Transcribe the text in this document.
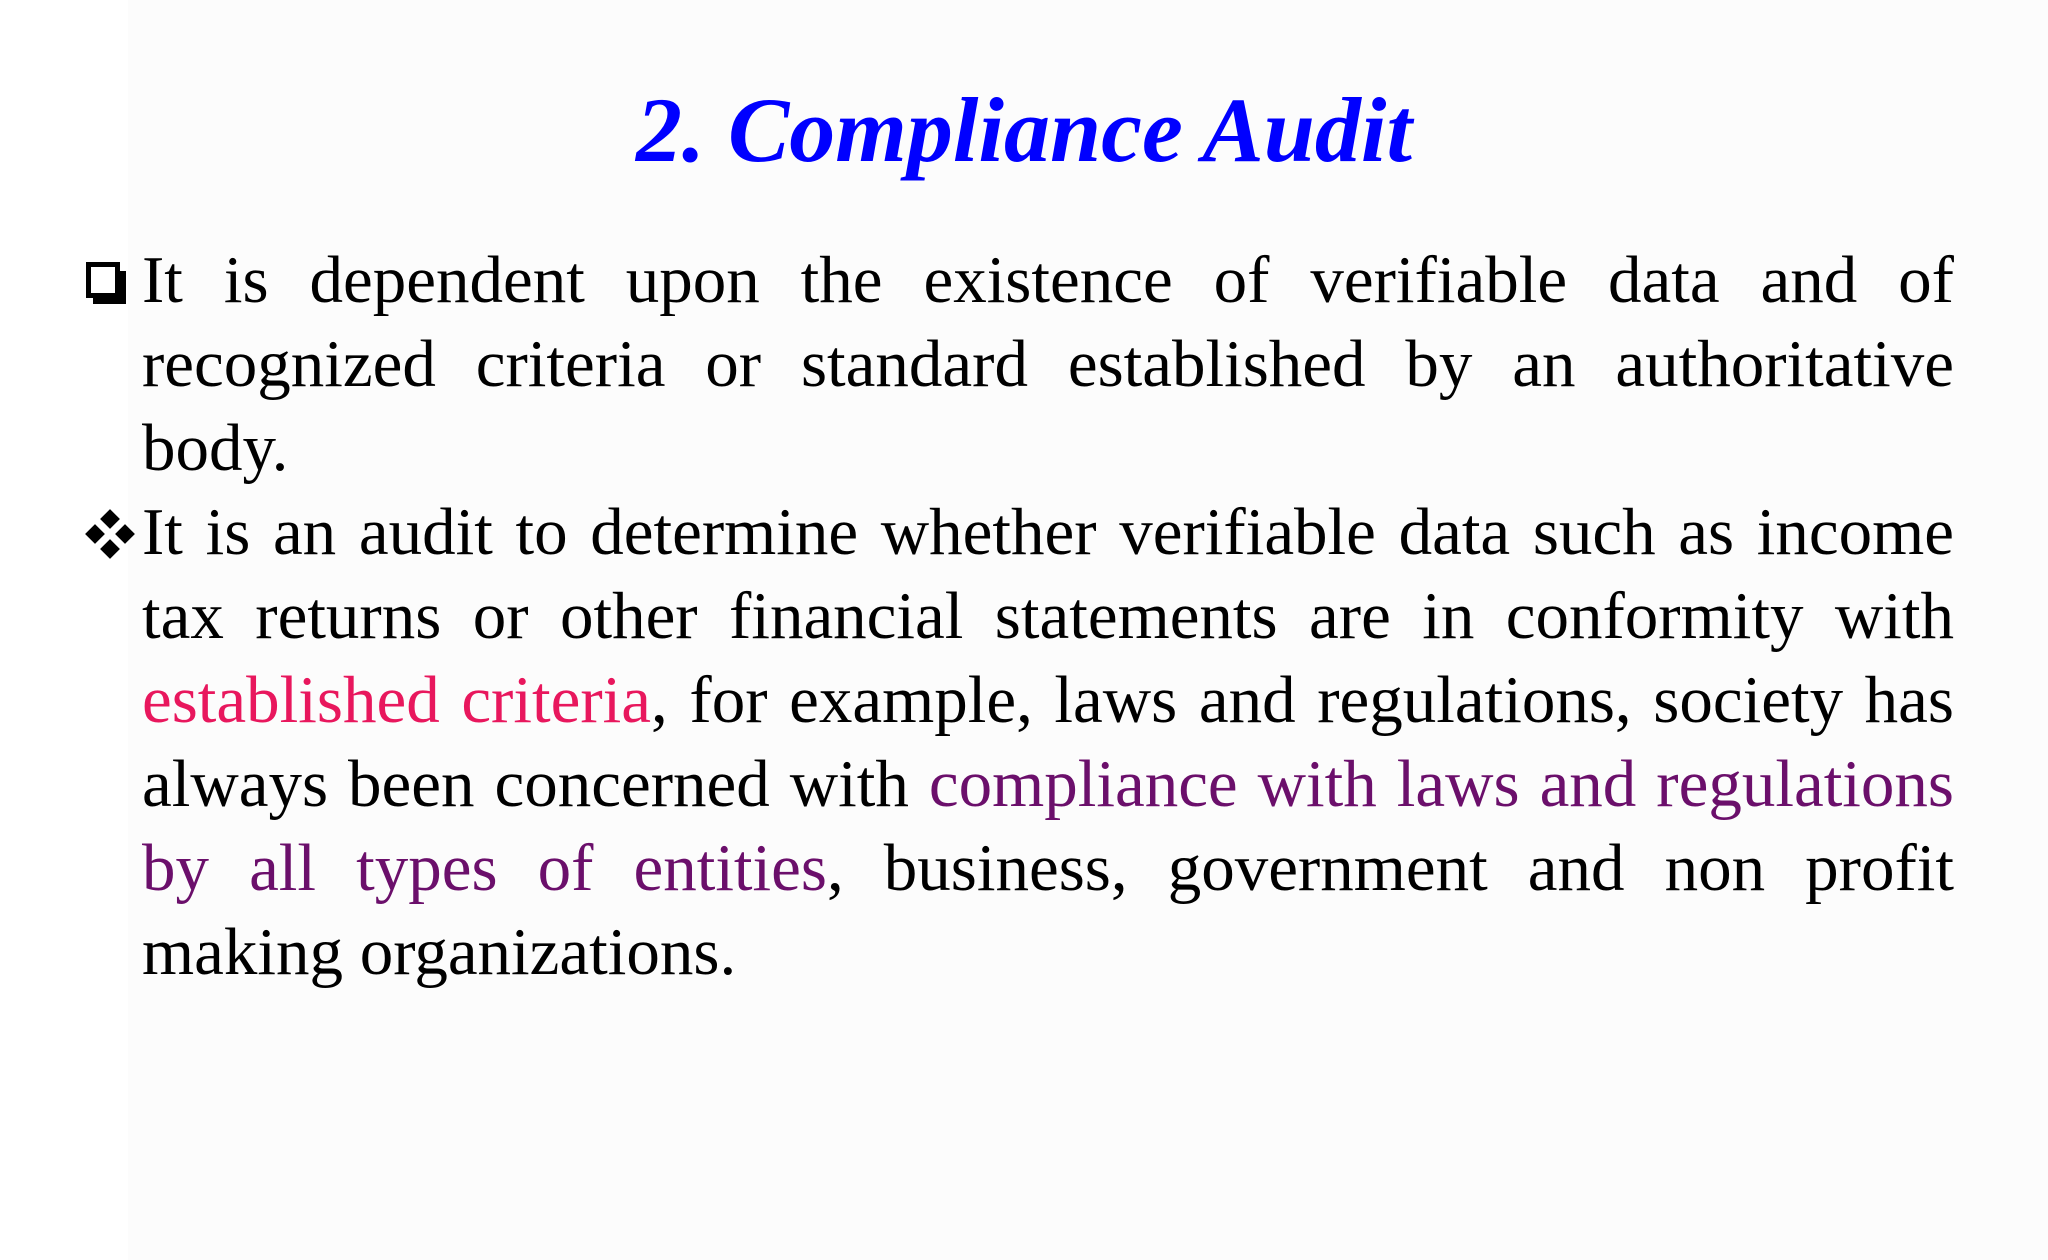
2. Compliance Audit

It is dependent upon the existence of verifiable data and of recognized criteria or standard established by an authoritative body.

It is an audit to determine whether verifiable data such as income tax returns or other financial statements are in conformity with established criteria, for example, laws and regulations, society has always been concerned with compliance with laws and regulations by all types of entities, business, government and non profit making organizations.
